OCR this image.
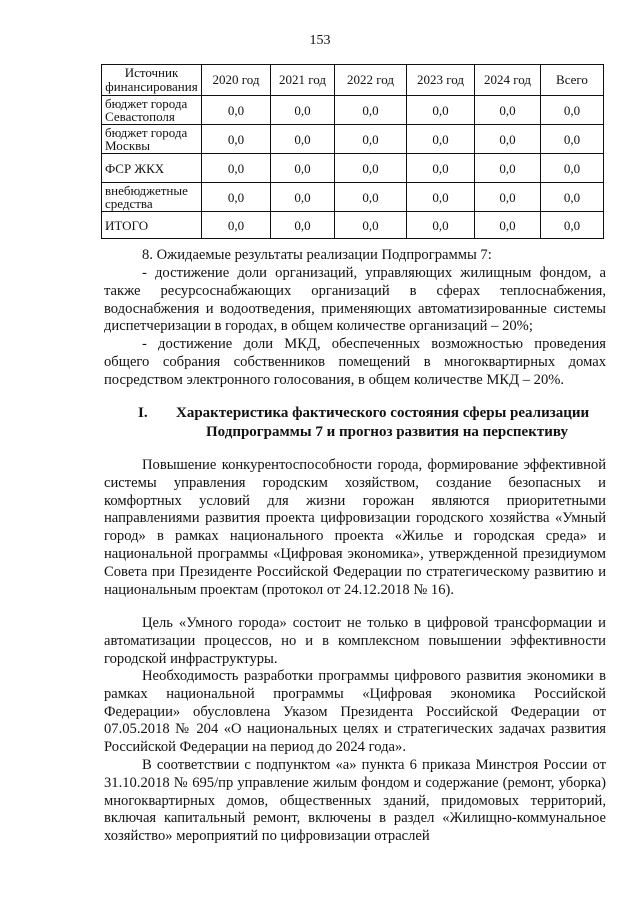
153
Источник финансирования	2020 год	2021 год	2022 год	2023 год	2024 год	Всего
бюджет города Севастополя	0,0	0,0	0,0	0,0	0,0	0,0
бюджет города Москвы	0,0	0,0	0,0	0,0	0,0	0,0
ФСР ЖКХ	0,0	0,0	0,0	0,0	0,0	0,0
внебюджетные средства	0,0	0,0	0,0	0,0	0,0	0,0
ИТОГО	0,0	0,0	0,0	0,0	0,0	0,0

8. Ожидаемые результаты реализации Подпрограммы 7:

- достижение доли организаций, управляющих жилищным фондом, а также ресурсоснабжающих организаций в сферах теплоснабжения, водоснабжения и водоотведения, применяющих автоматизированные системы диспетчеризации в городах, в общем количестве организаций – 20%;

- достижение доли МКД, обеспеченных возможностью проведения общего собрания собственников помещений в многоквартирных домах посредством электронного голосования, в общем количестве МКД – 20%.

I. Характеристика фактического состояния сферы реализации
Подпрограммы 7 и прогноз развития на перспективу

Повышение конкурентоспособности города, формирование эффективной системы управления городским хозяйством, создание безопасных и комфортных условий для жизни горожан являются приоритетными направлениями развития проекта цифровизации городского хозяйства «Умный город» в рамках национального проекта «Жилье и городская среда» и национальной программы «Цифровая экономика», утвержденной президиумом Совета при Президенте Российской Федерации по стратегическому развитию и национальным проектам (протокол от 24.12.2018 № 16).

Цель «Умного города» состоит не только в цифровой трансформации и автоматизации процессов, но и в комплексном повышении эффективности городской инфраструктуры.

Необходимость разработки программы цифрового развития экономики в рамках национальной программы «Цифровая экономика Российской Федерации» обусловлена Указом Президента Российской Федерации от 07.05.2018 № 204 «О национальных целях и стратегических задачах развития Российской Федерации на период до 2024 года».

В соответствии с подпунктом «а» пункта 6 приказа Минстроя России от 31.10.2018 № 695/пр управление жилым фондом и содержание (ремонт, уборка) многоквартирных домов, общественных зданий, придомовых территорий, включая капитальный ремонт, включены в раздел «Жилищно-коммунальное хозяйство» мероприятий по цифровизации отраслей
